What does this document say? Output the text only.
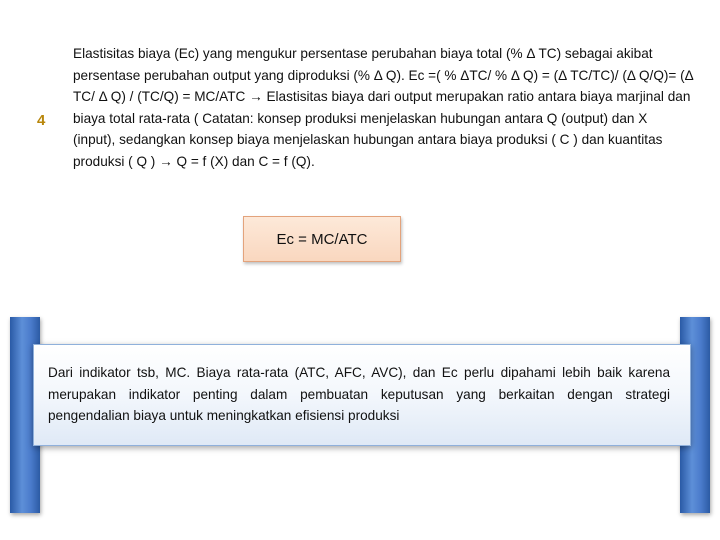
4

Elastisitas biaya (Ec) yang mengukur persentase perubahan biaya total (% Δ TC) sebagai akibat persentase perubahan output yang diproduksi (% Δ Q). Ec =( % ΔTC/ % Δ Q) = (Δ TC/TC)/ (Δ Q/Q)= (Δ TC/ Δ Q) / (TC/Q) = MC/ATC → Elastisitas biaya dari output merupakan ratio antara biaya marjinal dan biaya total rata-rata ( Catatan: konsep produksi menjelaskan hubungan antara Q (output) dan X (input), sedangkan konsep biaya menjelaskan hubungan antara biaya produksi ( C ) dan kuantitas produksi ( Q ) → Q = f (X) dan C = f (Q).

Ec = MC/ATC
Dari indikator tsb, MC. Biaya rata-rata (ATC, AFC, AVC), dan Ec perlu dipahami lebih baik karena merupakan indikator penting dalam pembuatan keputusan yang berkaitan dengan strategi pengendalian biaya untuk meningkatkan efisiensi produksi
